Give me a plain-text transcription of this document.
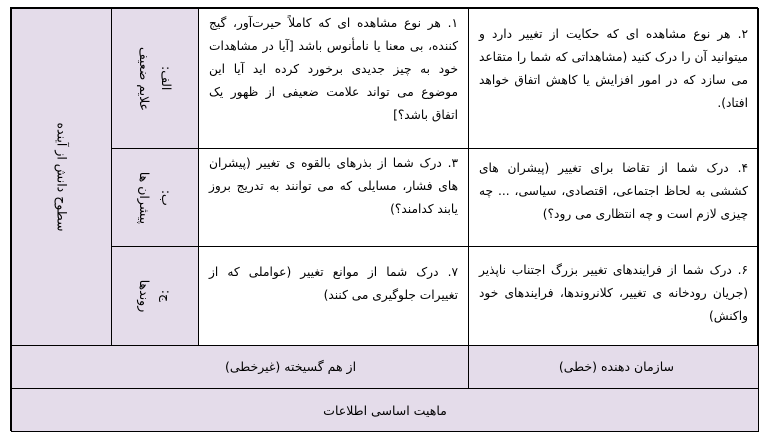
سطوح دانش از آینده
الف:
علایم ضعیف
ب:
پیشران ها
ج:
روندها
۱. هر نوع مشاهده ای که کاملاً حیرت‌آور، گیج کننده، بی معنا یا نامأنوس باشد [آیا در مشاهدات خود به چیز جدیدی برخورد کرده اید آیا این موضوع می تواند علامت ضعیفی از ظهور یک اتفاق باشد؟]
۳. درک شما از بذرهای بالقوه ی تغییر (پیشران های فشار، مسایلی که می توانند به تدریج بروز یابند کدامند؟)
۷. درک شما از موانع تغییر (عواملی که از تغییرات جلوگیری می کنند)
۲. هر نوع مشاهده ای که حکایت از تغییر دارد و میتوانید آن را درک کنید (مشاهداتی که شما را متقاعد می سازد که در امور افزایش یا کاهش اتفاق خواهد افتاد).
۴. درک شما از تقاضا برای تغییر (پیشران های کششی به لحاظ اجتماعی، اقتصادی، سیاسی، ... چه چیزی لازم است و چه انتظاری می رود؟)
۶. درک شما از فرایندهای تغییر بزرگ اجتناب ناپذیر (جریان رودخانه ی تغییر، کلانروندها، فرایندهای خود واکنش)
از هم گسیخته (غیرخطی)	سازمان دهنده (خطی)
ماهیت اساسی اطلاعات
